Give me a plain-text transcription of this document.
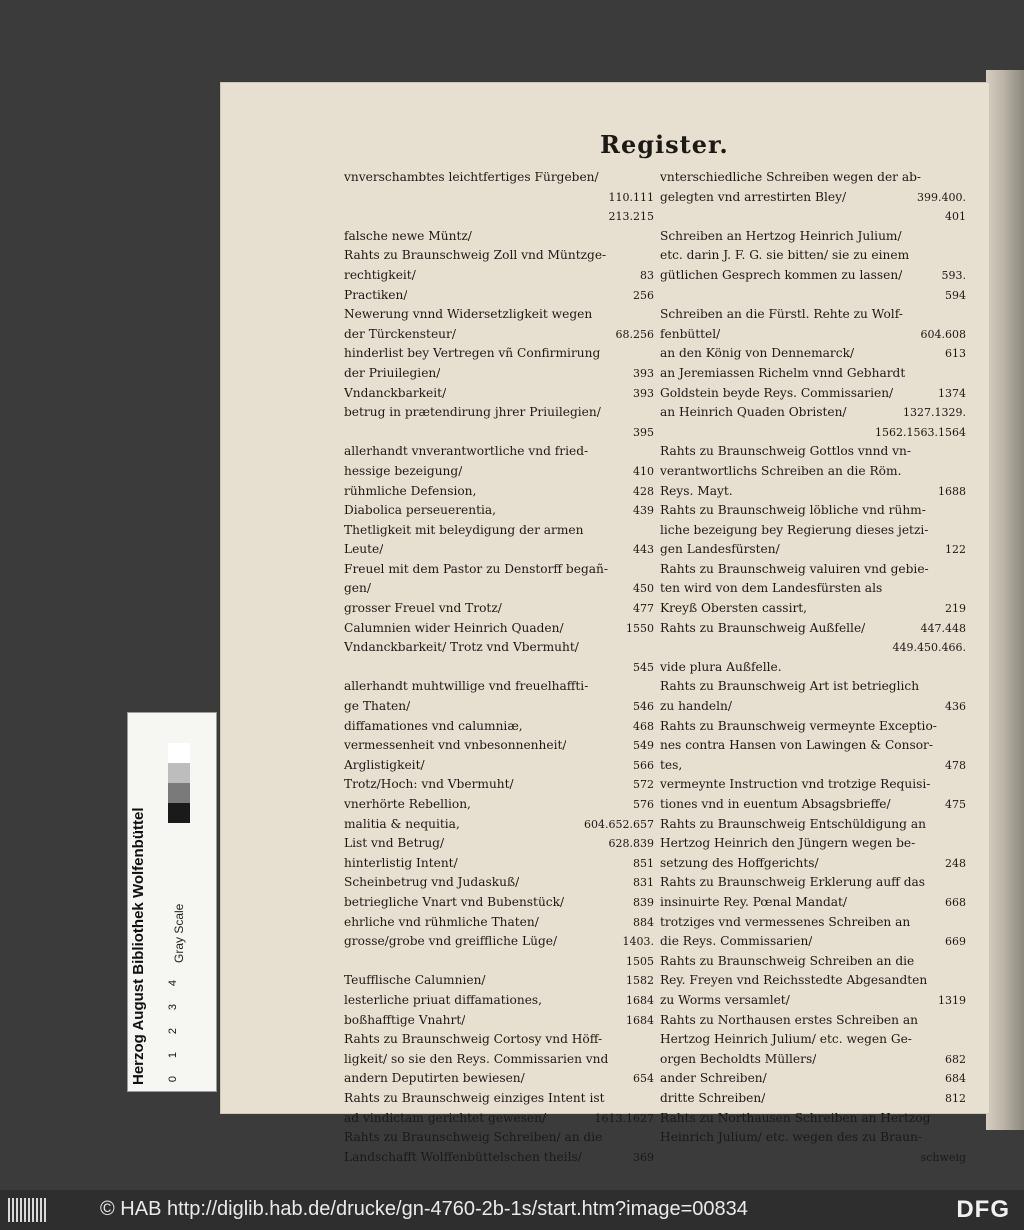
Register.
vnverschambtes leichtfertiges Fürgeben/
110.111
213.215
falsche newe Müntz/
Rahts zu Braunschweig Zoll vnd Müntzge-
rechtigkeit/	83
Practiken/	256
Newerung vnnd Widersetzligkeit wegen
der Türckensteur/	68.256
hinderlist bey Vertregen vñ Confirmirung
der Priuilegien/	393
Vndanckbarkeit/	393
betrug in prætendirung jhrer Priuilegien/
395
allerhandt vnverantwortliche vnd fried-
hessige bezeigung/	410
rühmliche Defension,	428
Diabolica perseuerentia,	439
Thetligkeit mit beleydigung der armen
Leute/	443
Freuel mit dem Pastor zu Denstorff begañ-
gen/	450
grosser Freuel vnd Trotz/	477
Calumnien wider Heinrich Quaden/	1550
Vndanckbarkeit/ Trotz vnd Vbermuht/
545
allerhandt muhtwillige vnd freuelhaffti-
ge Thaten/	546
diffamationes vnd calumniæ,	468
vermessenheit vnd vnbesonnenheit/	549
Arglistigkeit/	566
Trotz/Hoch: vnd Vbermuht/	572
vnerhörte Rebellion,	576
malitia & nequitia,	604.652.657
List vnd Betrug/	628.839
hinterlistig Intent/	851
Scheinbetrug vnd Judaskuß/	831
betriegliche Vnart vnd Bubenstück/	839
ehrliche vnd rühmliche Thaten/	884
grosse/grobe vnd greiffliche Lüge/	1403.
1505
Teufflische Calumnien/	1582
lesterliche priuat diffamationes,	1684
boßhafftige Vnahrt/	1684
Rahts zu Braunschweig Cortosy vnd Höff-
ligkeit/ so sie den Reys. Commissarien vnd
andern Deputirten bewiesen/	654
Rahts zu Braunschweig einziges Intent ist
ad vindictam gerichtet gewesen/	1613.1627
Rahts zu Braunschweig Schreiben/ an die
Landschafft Wolffenbüttelschen theils/	369
vnterschiedliche Schreiben wegen der ab-
gelegten vnd arrestirten Bley/	399.400.
401
Schreiben an Hertzog Heinrich Julium/
etc. darin J. F. G. sie bitten/ sie zu einem
gütlichen Gesprech kommen zu lassen/	593.
594
Schreiben an die Fürstl. Rehte zu Wolf-
fenbüttel/	604.608
an den König von Dennemarck/	613
an Jeremiassen Richelm vnnd Gebhardt
Goldstein beyde Reys. Commissarien/	1374
an Heinrich Quaden Obristen/	1327.1329.
1562.1563.1564
Rahts zu Braunschweig Gottlos vnnd vn-
verantwortlichs Schreiben an die Röm.
Reys. Mayt.	1688
Rahts zu Braunschweig löbliche vnd rühm-
liche bezeigung bey Regierung dieses jetzi-
gen Landesfürsten/	122
Rahts zu Braunschweig valuiren vnd gebie-
ten wird von dem Landesfürsten als
Kreyß Obersten cassirt,	219
Rahts zu Braunschweig Außfelle/	447.448
449.450.466.
vide plura Außfelle.
Rahts zu Braunschweig Art ist betrieglich
zu handeln/	436
Rahts zu Braunschweig vermeynte Exceptio-
nes contra Hansen von Lawingen & Consor-
tes,	478
vermeynte Instruction vnd trotzige Requisi-
tiones vnd in euentum Absagsbrieffe/	475
Rahts zu Braunschweig Entschüldigung an
Hertzog Heinrich den Jüngern wegen be-
setzung des Hoffgerichts/	248
Rahts zu Braunschweig Erklerung auff das
insinuirte Rey. Pœnal Mandat/	668
trotziges vnd vermessenes Schreiben an
die Reys. Commissarien/	669
Rahts zu Braunschweig Schreiben an die
Rey. Freyen vnd Reichsstedte Abgesandten
zu Worms versamlet/	1319
Rahts zu Northausen erstes Schreiben an
Hertzog Heinrich Julium/ etc. wegen Ge-
orgen Becholdts Müllers/	682
ander Schreiben/	684
dritte Schreiben/	812
Rahts zu Northausen Schreiben an Hertzog
Heinrich Julium/ etc. wegen des zu Braun-
schweig
Herzog August Bibliothek Wolfenbüttel	Gray Scale
0
1
2
3
4
© HAB http://diglib.hab.de/drucke/gn-4760-2b-1s/start.htm?image=00834	DFG
